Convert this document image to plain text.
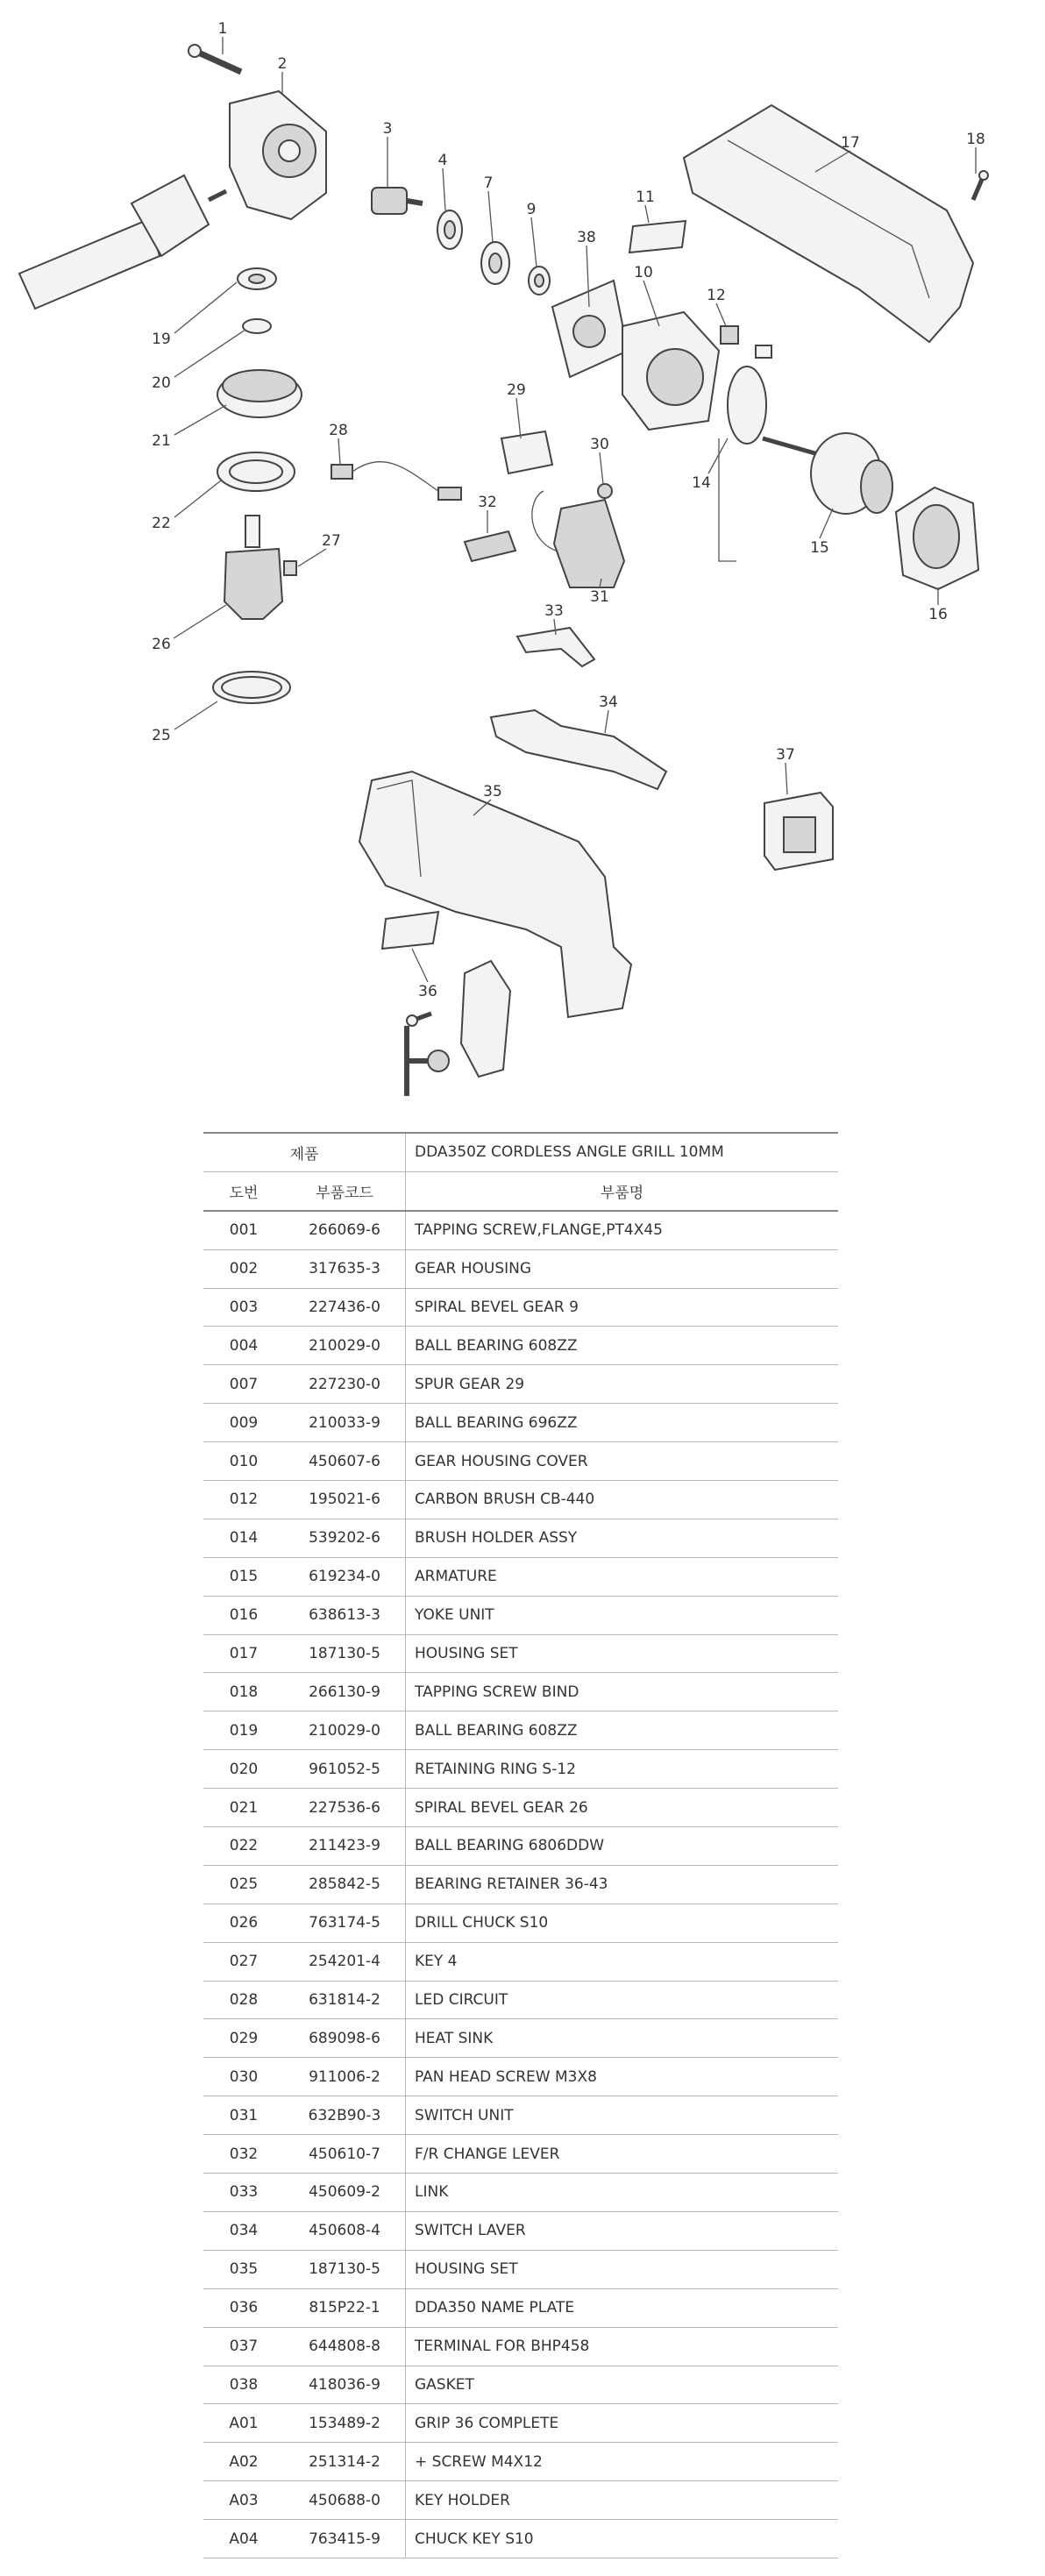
1
2
3
4
7
9
11
17	18
19
20
38
10
12
21
28
29
30
22
32
14
15
16
27
31
26
33
34
25
37
35
36
제품		DDA350Z CORDLESS ANGLE GRILL 10MM
도번	부품코드	부품명
001	266069-6	TAPPING SCREW,FLANGE,PT4X45
002	317635-3	GEAR HOUSING
003	227436-0	SPIRAL BEVEL GEAR 9
004	210029-0	BALL BEARING 608ZZ
007	227230-0	SPUR GEAR 29
009	210033-9	BALL BEARING 696ZZ
010	450607-6	GEAR HOUSING COVER
012	195021-6	CARBON BRUSH CB-440
014	539202-6	BRUSH HOLDER ASSY
015	619234-0	ARMATURE
016	638613-3	YOKE UNIT
017	187130-5	HOUSING SET
018	266130-9	TAPPING SCREW BIND
019	210029-0	BALL BEARING 608ZZ
020	961052-5	RETAINING RING S-12
021	227536-6	SPIRAL BEVEL GEAR 26
022	211423-9	BALL BEARING 6806DDW
025	285842-5	BEARING RETAINER 36-43
026	763174-5	DRILL CHUCK S10
027	254201-4	KEY 4
028	631814-2	LED CIRCUIT
029	689098-6	HEAT SINK
030	911006-2	PAN HEAD SCREW M3X8
031	632B90-3	SWITCH UNIT
032	450610-7	F/R CHANGE LEVER
033	450609-2	LINK
034	450608-4	SWITCH LAVER
035	187130-5	HOUSING SET
036	815P22-1	DDA350 NAME PLATE
037	644808-8	TERMINAL FOR BHP458
038	418036-9	GASKET
A01	153489-2	GRIP 36 COMPLETE
A02	251314-2	+ SCREW M4X12
A03	450688-0	KEY HOLDER
A04	763415-9	CHUCK KEY S10
